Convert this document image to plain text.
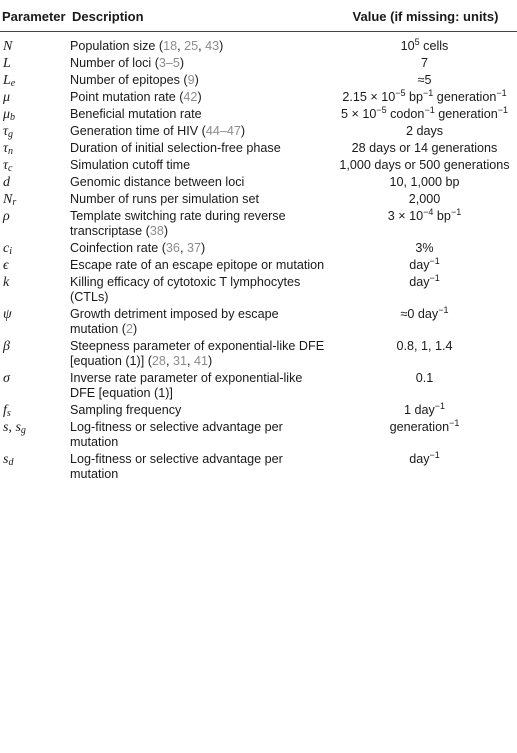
Parameter	Description	Value (if missing: units)
N	Population size (18, 25, 43)	$10^5$ cells
L	Number of loci (3–5)	7
$L_e$	Number of epitopes (9)	≈5
μ	Point mutation rate (42)	$2.15 \times 10^{-5}$ $bp^{-1}$ generation$^{-1}$
$\mu_b$	Beneficial mutation rate	$5 \times 10^{-5}$ codon$^{-1}$ generation$^{-1}$
$\tau_g$	Generation time of HIV (44–47)	2 days
$\tau_n$	Duration of initial selection-free phase	28 days or 14 generations
$\tau_c$	Simulation cutoff time	1,000 days or 500 generations
d	Genomic distance between loci	10, 1,000 bp
$N_r$	Number of runs per simulation set	2,000
ρ	Template switching rate during reverse transcriptase (38)	$3 \times 10^{-4}$ $bp^{-1}$
$c_i$	Coinfection rate (36, 37)	3%
ϵ	Escape rate of an escape epitope or mutation	day$^{-1}$
k	Killing efficacy of cytotoxic T lymphocytes (CTLs)	day$^{-1}$
ψ	Growth detriment imposed by escape mutation (2)	≈0 day$^{-1}$
β	Steepness parameter of exponential-like DFE [equation (1)] (28, 31, 41)	0.8, 1, 1.4
σ	Inverse rate parameter of exponential-like DFE [equation (1)]	0.1
$f_s$	Sampling frequency	1 day$^{-1}$
s, $s_g$	Log-fitness or selective advantage per mutation	generation$^{-1}$
$s_d$	Log-fitness or selective advantage per mutation	day$^{-1}$
